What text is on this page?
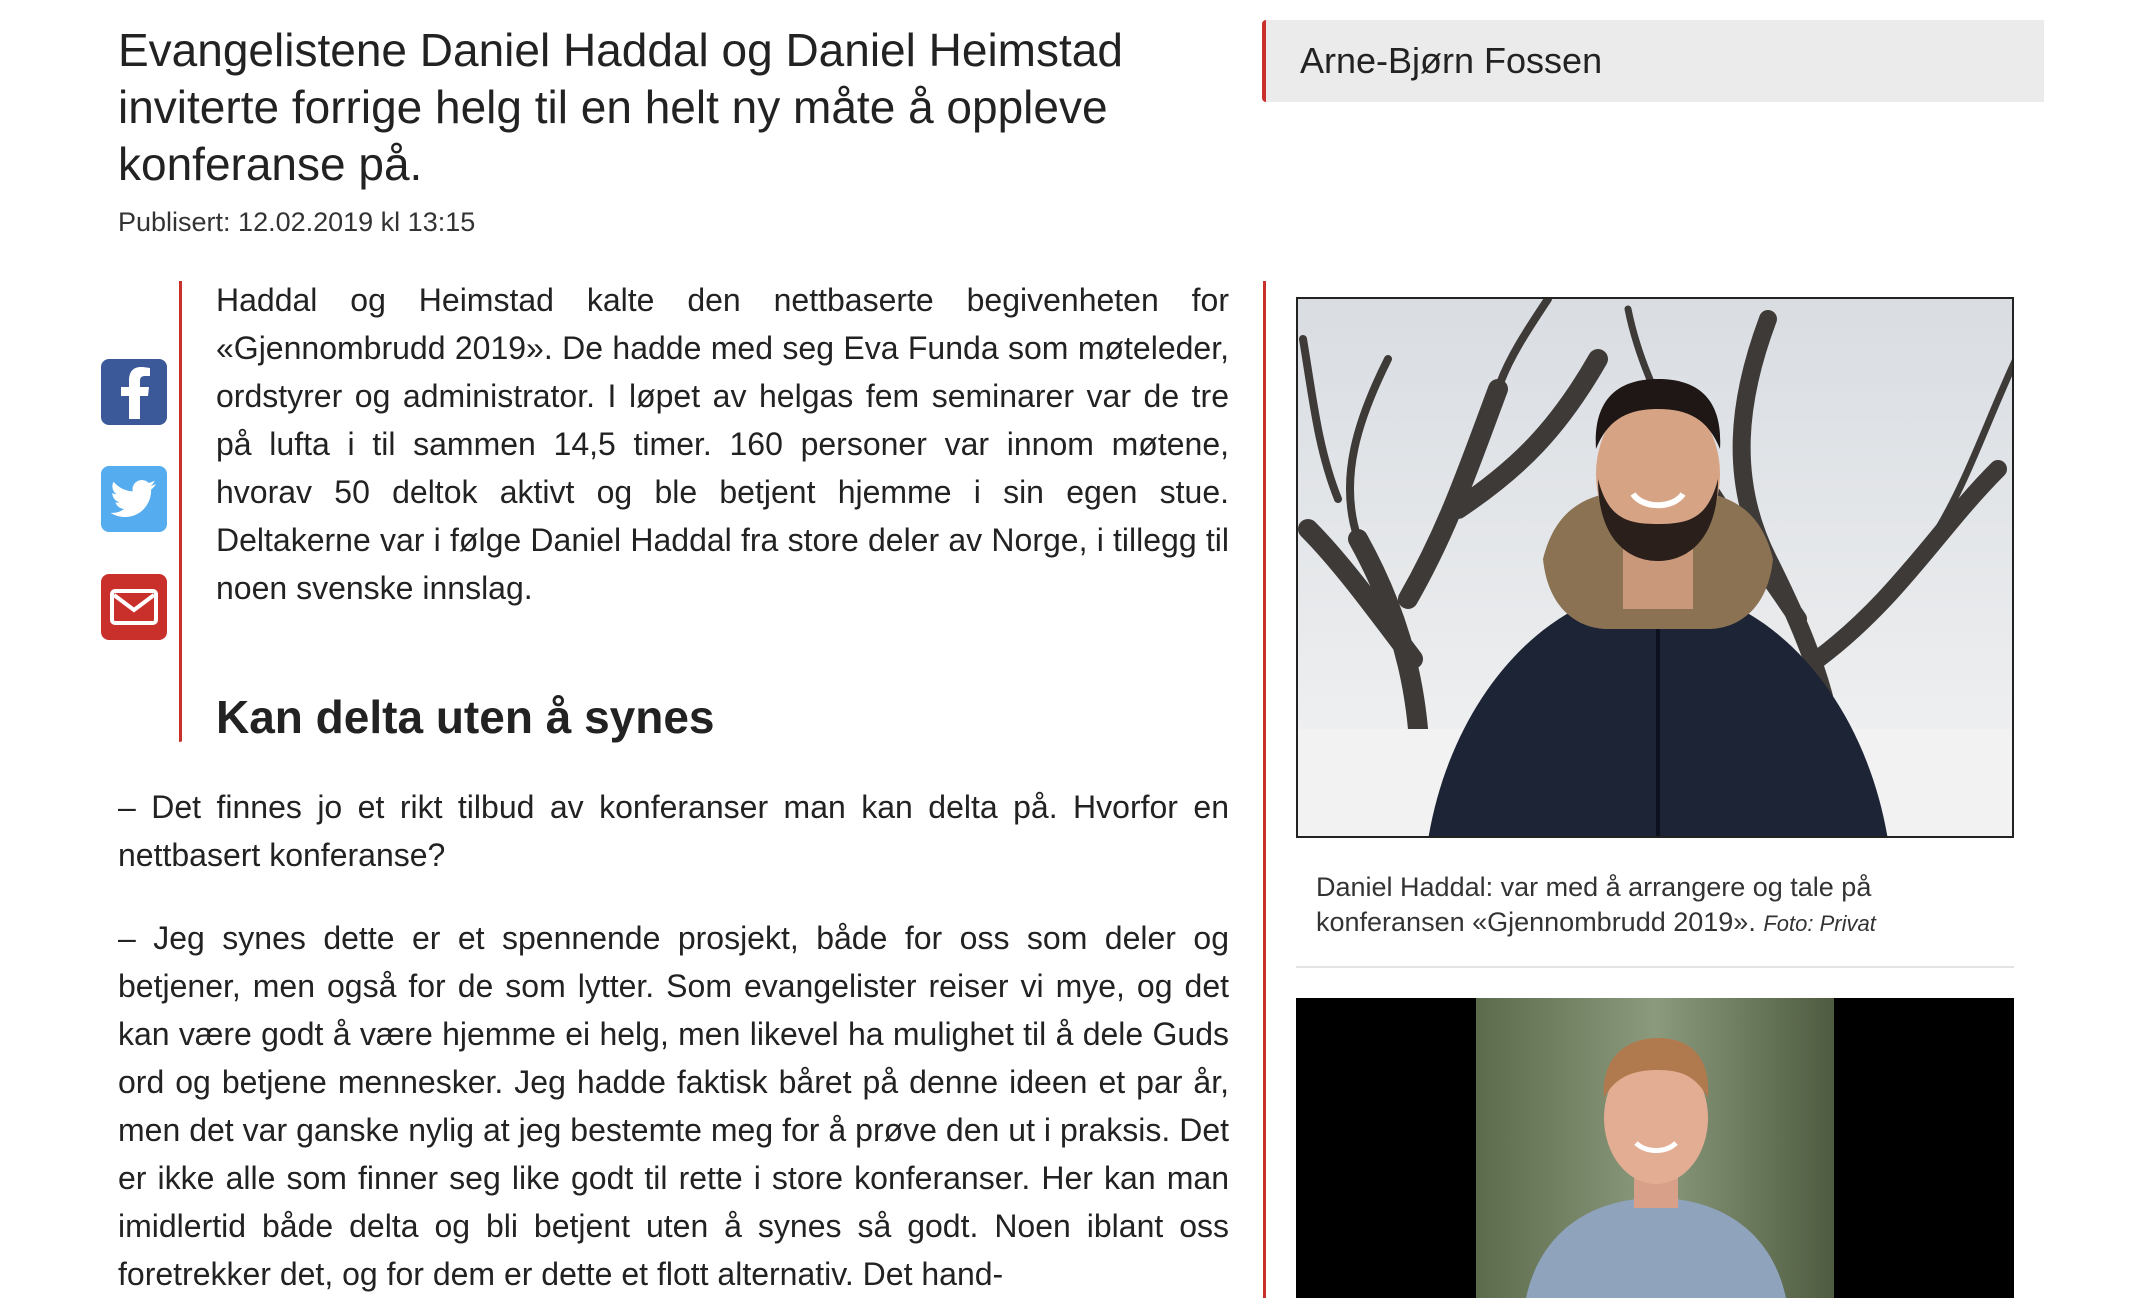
Evangelistene Daniel Haddal og Daniel Heimstad inviterte forrige helg til en helt ny måte å oppleve konferanse på.

Publisert: 12.02.2019 kl 13:15

Haddal og Heimstad kalte den nettbaserte begivenheten for «Gjennombrudd 2019». De hadde med seg Eva Funda som møteleder, ordstyrer og administrator. I løpet av helgas fem seminarer var de tre på lufta i til sammen 14,5 timer. 160 personer var innom møtene, hvorav 50 deltok aktivt og ble betjent hjemme i sin egen stue. Deltakerne var i følge Daniel Haddal fra store deler av Norge, i tillegg til noen svenske innslag.

Kan delta uten å synes

– Det finnes jo et rikt tilbud av konferanser man kan delta på. Hvorfor en nettbasert konferanse?

– Jeg synes dette er et spennende prosjekt, både for oss som deler og betjener, men også for de som lytter. Som evangelister reiser vi mye, og det kan være godt å være hjemme ei helg, men likevel ha mulighet til å dele Guds ord og betjene mennesker. Jeg hadde faktisk båret på denne ideen et par år, men det var ganske nylig at jeg bestemte meg for å prøve den ut i praksis. Det er ikke alle som finner seg like godt til rette i store konferanser. Her kan man imidlertid både delta og bli betjent uten å synes så godt. Noen iblant oss foretrekker det, og for dem er dette et flott alternativ. Det hand-

Arne-Bjørn Fossen

Daniel Haddal: var med å arrangere og tale på konferansen «Gjennombrudd 2019». Foto: Privat
